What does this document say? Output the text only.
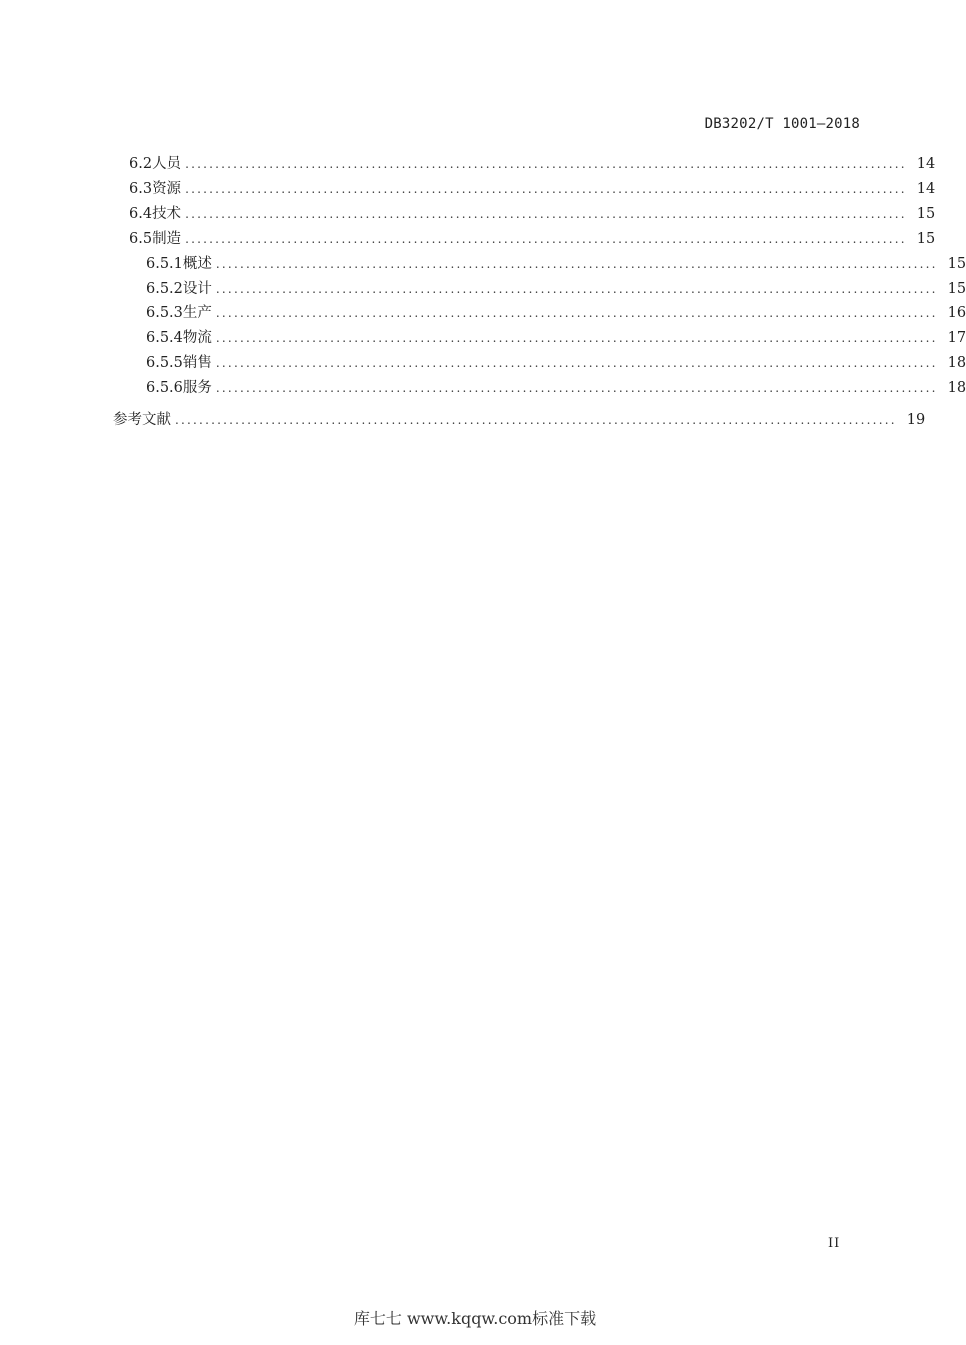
DB3202/T 1001—2018
6.2 人员 ........................................................................................................................ 14
6.3 资源 ........................................................................................................................ 14
6.4 技术 ........................................................................................................................ 15
6.5 制造 ........................................................................................................................ 15
6.5.1 概述 ........................................................................................................................ 15
6.5.2 设计 ........................................................................................................................ 15
6.5.3 生产 ........................................................................................................................ 16
6.5.4 物流 ........................................................................................................................ 17
6.5.5 销售 ........................................................................................................................ 18
6.5.6 服务 ........................................................................................................................ 18
参考文献 ........................................................................................................................ 19
II
库七七 www.kqqw.com标准下载
